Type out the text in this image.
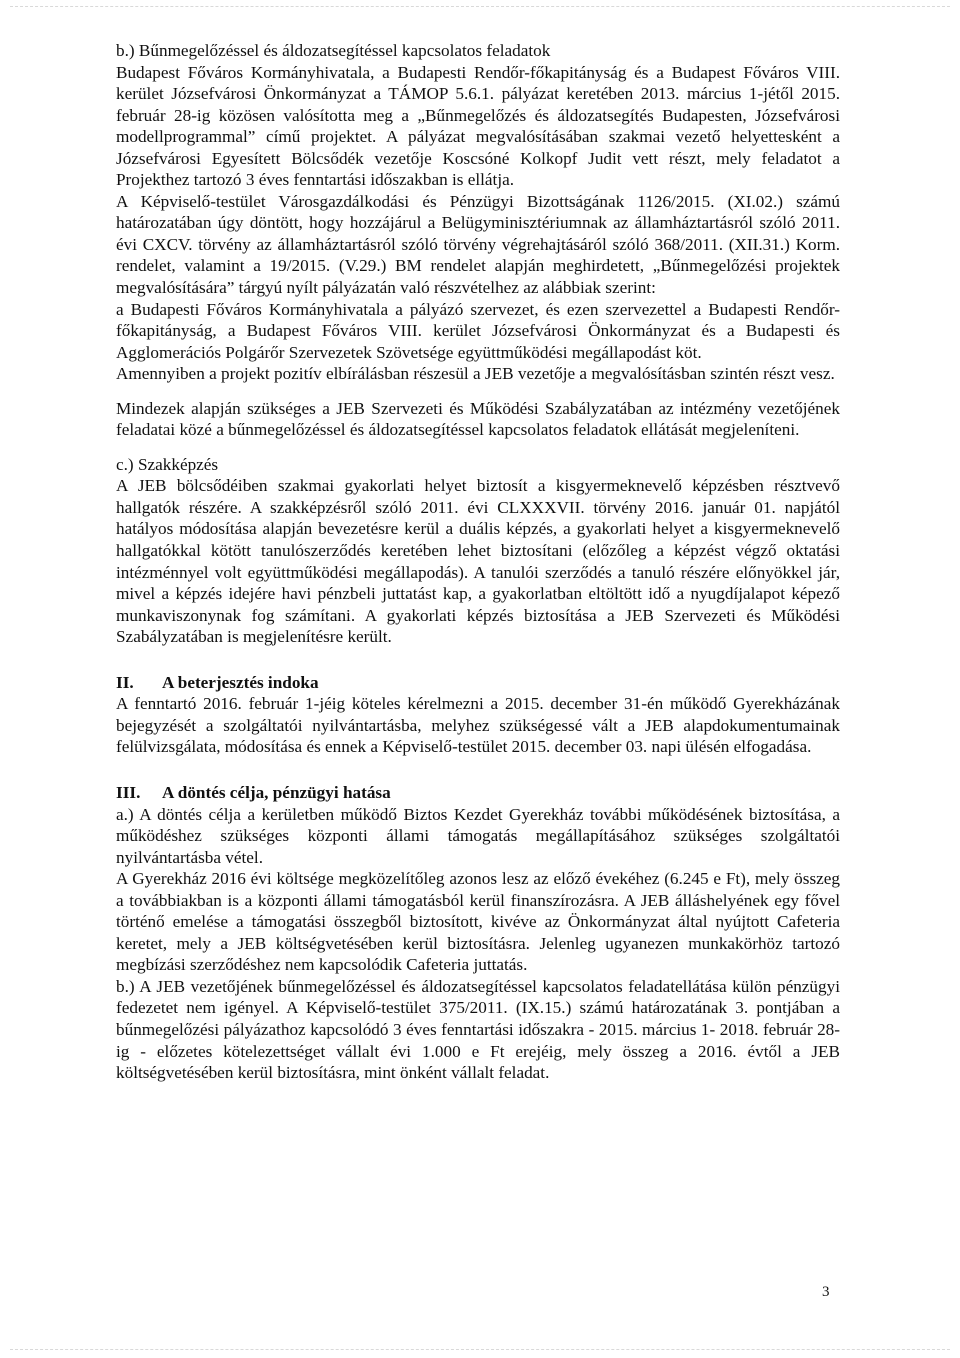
b.) Bűnmegelőzéssel és áldozatsegítéssel kapcsolatos feladatok

Budapest Főváros Kormányhivatala, a Budapesti Rendőr-főkapitányság és a Budapest Főváros VIII. kerület Józsefvárosi Önkormányzat a TÁMOP 5.6.1. pályázat keretében 2013. március 1-jétől 2015. február 28-ig közösen valósította meg a „Bűnmegelőzés és áldozatsegítés Budapesten, Józsefvárosi modellprogrammal” című projektet. A pályázat megvalósításában szakmai vezető helyettesként a Józsefvárosi Egyesített Bölcsődék vezetője Koscsóné Kolkopf Judit vett részt, mely feladatot a Projekthez tartozó 3 éves fenntartási időszakban is ellátja.

A Képviselő-testület Városgazdálkodási és Pénzügyi Bizottságának 1126/2015. (XI.02.) számú határozatában úgy döntött, hogy hozzájárul a Belügyminisztériumnak az államháztartásról szóló 2011. évi CXCV. törvény az államháztartásról szóló törvény végrehajtásáról szóló 368/2011. (XII.31.) Korm. rendelet, valamint a 19/2015. (V.29.) BM rendelet alapján meghirdetett, „Bűnmegelőzési projektek megvalósítására” tárgyú nyílt pályázatán való részvételhez az alábbiak szerint:

a Budapesti Főváros Kormányhivatala a pályázó szervezet, és ezen szervezettel a Budapesti Rendőr- főkapitányság, a Budapest Főváros VIII. kerület Józsefvárosi Önkormányzat és a Budapesti és Agglomerációs Polgárőr Szervezetek Szövetsége együttműködési megállapodást köt.

Amennyiben a projekt pozitív elbírálásban részesül a JEB vezetője a megvalósításban szintén részt vesz.

Mindezek alapján szükséges a JEB Szervezeti és Működési Szabályzatában az intézmény vezetőjének feladatai közé a bűnmegelőzéssel és áldozatsegítéssel kapcsolatos feladatok ellátását megjeleníteni.

c.) Szakképzés

A JEB bölcsődéiben szakmai gyakorlati helyet biztosít a kisgyermeknevelő képzésben résztvevő hallgatók részére. A szakképzésről szóló 2011. évi CLXXXVII. törvény 2016. január 01. napjától hatályos módosítása alapján bevezetésre kerül a duális képzés, a gyakorlati helyet a kisgyermeknevelő hallgatókkal kötött tanulószerződés keretében lehet biztosítani (előzőleg a képzést végző oktatási intézménnyel volt együttműködési megállapodás). A tanulói szerződés a tanuló részére előnyökkel jár, mivel a képzés idejére havi pénzbeli juttatást kap, a gyakorlatban eltöltött idő a nyugdíjalapot képező munkaviszonynak fog számítani. A gyakorlati képzés biztosítása a JEB Szervezeti és Működési Szabályzatában is megjelenítésre került.

II. A beterjesztés indoka

A fenntartó 2016. február 1-jéig köteles kérelmezni a 2015. december 31-én működő Gyerekházának bejegyzését a szolgáltatói nyilvántartásba, melyhez szükségessé vált a JEB alapdokumentumainak felülvizsgálata, módosítása és ennek a Képviselő-testület 2015. december 03. napi ülésén elfogadása.

III. A döntés célja, pénzügyi hatása

a.) A döntés célja a kerületben működő Biztos Kezdet Gyerekház további működésének biztosítása, a működéshez szükséges központi állami támogatás megállapításához szükséges szolgáltatói nyilvántartásba vétel.

A Gyerekház 2016 évi költsége megközelítőleg azonos lesz az előző évekéhez (6.245 e Ft), mely összeg a továbbiakban is a központi állami támogatásból kerül finanszírozásra. A JEB álláshelyének egy fővel történő emelése a támogatási összegből biztosított, kivéve az Önkormányzat által nyújtott Cafeteria keretet, mely a JEB költségvetésében kerül biztosításra. Jelenleg ugyanezen munkakörhöz tartozó megbízási szerződéshez nem kapcsolódik Cafeteria juttatás.

b.) A JEB vezetőjének bűnmegelőzéssel és áldozatsegítéssel kapcsolatos feladatellátása külön pénzügyi fedezetet nem igényel. A Képviselő-testület 375/2011. (IX.15.) számú határozatának 3. pontjában a bűnmegelőzési pályázathoz kapcsolódó 3 éves fenntartási időszakra - 2015. március 1- 2018. február 28-ig - előzetes kötelezettséget vállalt évi 1.000 e Ft erejéig, mely összeg a 2016. évtől a JEB költségvetésében kerül biztosításra, mint önként vállalt feladat.

3
